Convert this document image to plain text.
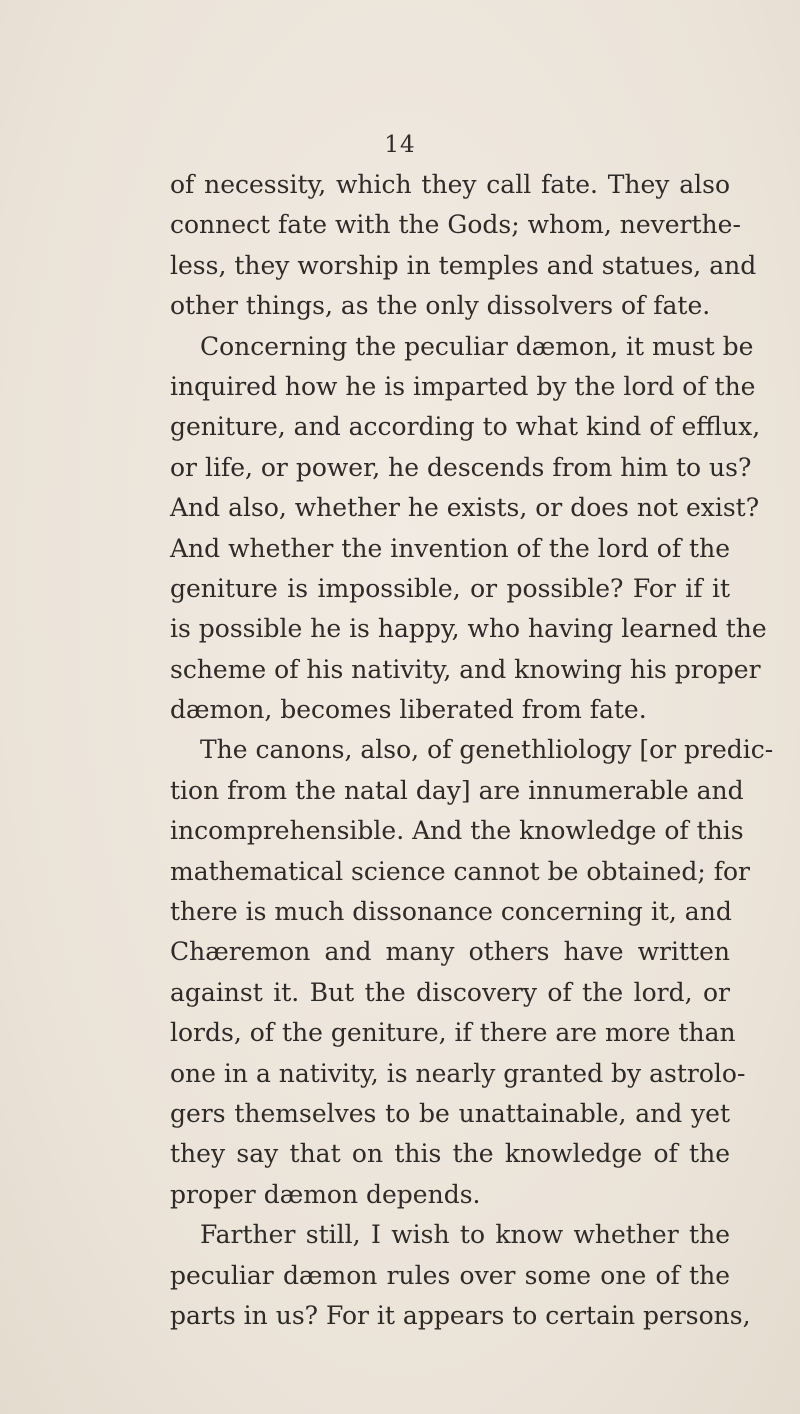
14
of necessity, which they call fate. They also
connect fate with the Gods; whom, neverthe-
less, they worship in temples and statues, and
other things, as the only dissolvers of fate.
Concerning the peculiar dæmon, it must be
inquired how he is imparted by the lord of the
geniture, and according to what kind of efflux,
or life, or power, he descends from him to us?
And also, whether he exists, or does not exist?
And whether the invention of the lord of the
geniture is impossible, or possible? For if it
is possible he is happy, who having learned the
scheme of his nativity, and knowing his proper
dæmon, becomes liberated from fate.
The canons, also, of genethliology [or predic-
tion from the natal day] are innumerable and
incomprehensible. And the knowledge of this
mathematical science cannot be obtained; for
there is much dissonance concerning it, and
Chæremon and many others have written
against it. But the discovery of the lord, or
lords, of the geniture, if there are more than
one in a nativity, is nearly granted by astrolo-
gers themselves to be unattainable, and yet
they say that on this the knowledge of the
proper dæmon depends.
Farther still, I wish to know whether the
peculiar dæmon rules over some one of the
parts in us? For it appears to certain persons,
